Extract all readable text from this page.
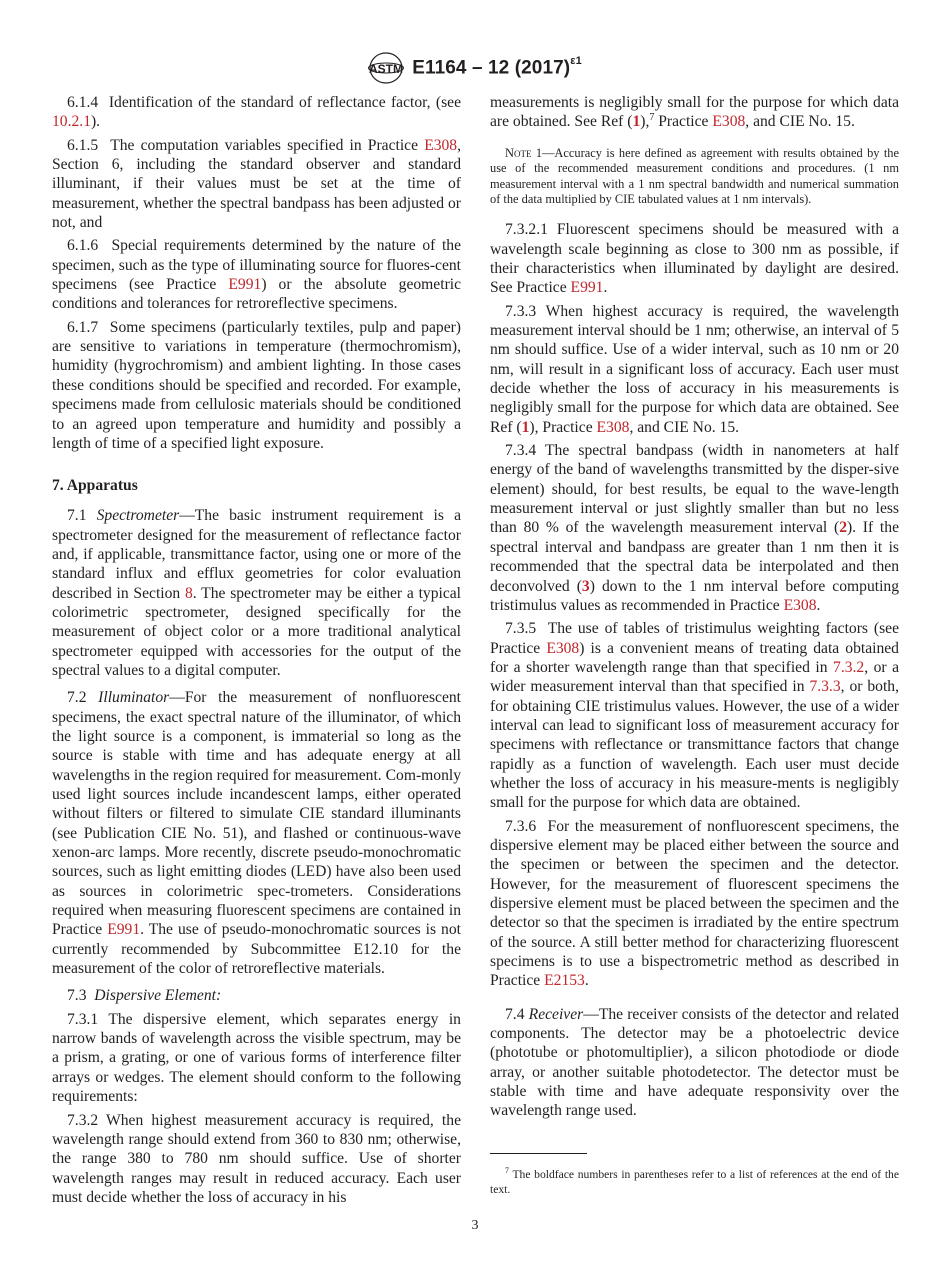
ASTM E1164 – 12 $(2017)^{\varepsilon 1}$

6.1.4 Identification of the standard of reflectance factor, (see 10.2.1).

6.1.5 The computation variables specified in Practice E308, Section 6, including the standard observer and standard illuminant, if their values must be set at the time of measurement, whether the spectral bandpass has been adjusted or not, and

6.1.6 Special requirements determined by the nature of the specimen, such as the type of illuminating source for fluores-cent specimens (see Practice E991) or the absolute geometric conditions and tolerances for retroreflective specimens.

6.1.7 Some specimens (particularly textiles, pulp and paper) are sensitive to variations in temperature (thermochromism), humidity (hygrochromism) and ambient lighting. In those cases these conditions should be specified and recorded. For example, specimens made from cellulosic materials should be conditioned to an agreed upon temperature and humidity and possibly a length of time of a specified light exposure.

7. Apparatus

7.1 Spectrometer—The basic instrument requirement is a spectrometer designed for the measurement of reflectance factor and, if applicable, transmittance factor, using one or more of the standard influx and efflux geometries for color evaluation described in Section 8. The spectrometer may be either a typical colorimetric spectrometer, designed specifically for the measurement of object color or a more traditional analytical spectrometer equipped with accessories for the output of the spectral values to a digital computer.

7.2 Illuminator—For the measurement of nonfluorescent specimens, the exact spectral nature of the illuminator, of which the light source is a component, is immaterial so long as the source is stable with time and has adequate energy at all wavelengths in the region required for measurement. Com-monly used light sources include incandescent lamps, either operated without filters or filtered to simulate CIE standard illuminants (see Publication CIE No. 51), and flashed or continuous-wave xenon-arc lamps. More recently, discrete pseudo-monochromatic sources, such as light emitting diodes (LED) have also been used as sources in colorimetric spec-trometers. Considerations required when measuring fluorescent specimens are contained in Practice E991. The use of pseudo-monochromatic sources is not currently recommended by Subcommittee E12.10 for the measurement of the color of retroreflective materials.

7.3 Dispersive Element:

7.3.1 The dispersive element, which separates energy in narrow bands of wavelength across the visible spectrum, may be a prism, a grating, or one of various forms of interference filter arrays or wedges. The element should conform to the following requirements:

7.3.2 When highest measurement accuracy is required, the wavelength range should extend from 360 to 830 nm; otherwise, the range 380 to 780 nm should suffice. Use of shorter wavelength ranges may result in reduced accuracy. Each user must decide whether the loss of accuracy in his

measurements is negligibly small for the purpose for which data are obtained. See Ref (1),$^7$ Practice E308, and CIE No. 15.

Note 1—Accuracy is here defined as agreement with results obtained by the use of the recommended measurement conditions and procedures. (1 nm measurement interval with a 1 nm spectral bandwidth and numerical summation of the data multiplied by CIE tabulated values at 1 nm intervals).

7.3.2.1 Fluorescent specimens should be measured with a wavelength scale beginning as close to 300 nm as possible, if their characteristics when illuminated by daylight are desired. See Practice E991.

7.3.3 When highest accuracy is required, the wavelength measurement interval should be 1 nm; otherwise, an interval of 5 nm should suffice. Use of a wider interval, such as 10 nm or 20 nm, will result in a significant loss of accuracy. Each user must decide whether the loss of accuracy in his measurements is negligibly small for the purpose for which data are obtained. See Ref (1), Practice E308, and CIE No. 15.

7.3.4 The spectral bandpass (width in nanometers at half energy of the band of wavelengths transmitted by the disper-sive element) should, for best results, be equal to the wave-length measurement interval or just slightly smaller than but no less than 80 % of the wavelength measurement interval (2). If the spectral interval and bandpass are greater than 1 nm then it is recommended that the spectral data be interpolated and then deconvolved (3) down to the 1 nm interval before computing tristimulus values as recommended in Practice E308.

7.3.5 The use of tables of tristimulus weighting factors (see Practice E308) is a convenient means of treating data obtained for a shorter wavelength range than that specified in 7.3.2, or a wider measurement interval than that specified in 7.3.3, or both, for obtaining CIE tristimulus values. However, the use of a wider interval can lead to significant loss of measurement accuracy for specimens with reflectance or transmittance factors that change rapidly as a function of wavelength. Each user must decide whether the loss of accuracy in his measure-ments is negligibly small for the purpose for which data are obtained.

7.3.6 For the measurement of nonfluorescent specimens, the dispersive element may be placed either between the source and the specimen or between the specimen and the detector. However, for the measurement of fluorescent specimens the dispersive element must be placed between the specimen and the detector so that the specimen is irradiated by the entire spectrum of the source. A still better method for characterizing fluorescent specimens is to use a bispectrometric method as described in Practice E2153.

7.4 Receiver—The receiver consists of the detector and related components. The detector may be a photoelectric device (phototube or photomultiplier), a silicon photodiode or diode array, or another suitable photodetector. The detector must be stable with time and have adequate responsivity over the wavelength range used.

$^7$ The boldface numbers in parentheses refer to a list of references at the end of the text.
3
